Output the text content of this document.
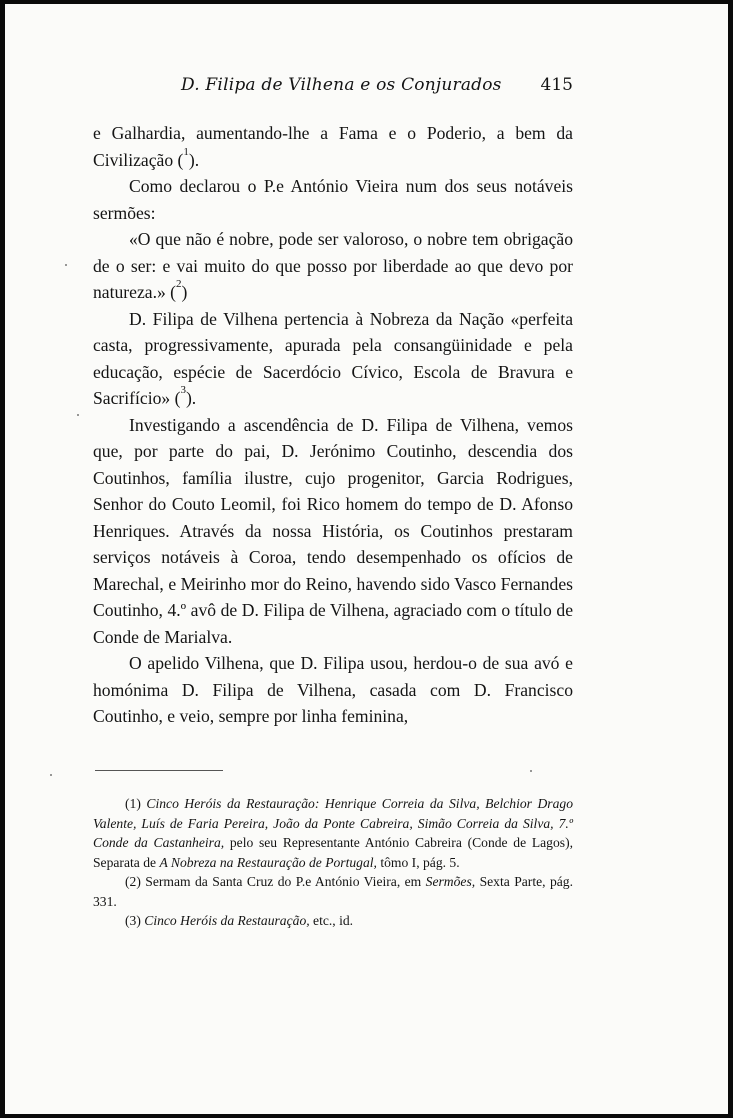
D. Filipa de Vilhena e os Conjurados 415

e Galhardia, aumentando-lhe a Fama e o Poderio, a bem da Civilização ($^1$).

Como declarou o P.e António Vieira num dos seus notáveis sermões:

«O que não é nobre, pode ser valoroso, o nobre tem obrigação de o ser: e vai muito do que posso por liberdade ao que devo por natureza.» ($^2$)

D. Filipa de Vilhena pertencia à Nobreza da Nação «perfeita casta, progressivamente, apurada pela consangüinidade e pela educação, espécie de Sacerdócio Cívico, Escola de Bravura e Sacrifício» ($^3$).

Investigando a ascendência de D. Filipa de Vilhena, vemos que, por parte do pai, D. Jerónimo Coutinho, descendia dos Coutinhos, família ilustre, cujo progenitor, Garcia Rodrigues, Senhor do Couto Leomil, foi Rico homem do tempo de D. Afonso Henriques. Através da nossa História, os Coutinhos prestaram serviços notáveis à Coroa, tendo desempenhado os ofícios de Marechal, e Meirinho mor do Reino, havendo sido Vasco Fernandes Coutinho, 4.º avô de D. Filipa de Vilhena, agraciado com o título de Conde de Marialva.

O apelido Vilhena, que D. Filipa usou, herdou-o de sua avó e homónima D. Filipa de Vilhena, casada com D. Francisco Coutinho, e veio, sempre por linha feminina,

(1) Cinco Heróis da Restauração: Henrique Correia da Silva, Belchior Drago Valente, Luís de Faria Pereira, João da Ponte Cabreira, Simão Correia da Silva, 7.º Conde da Castanheira, pelo seu Representante António Cabreira (Conde de Lagos), Separata de A Nobreza na Restauração de Portugal, tômo I, pág. 5.

(2) Sermam da Santa Cruz do P.e António Vieira, em Sermões, Sexta Parte, pág. 331.

(3) Cinco Heróis da Restauração, etc., id.
